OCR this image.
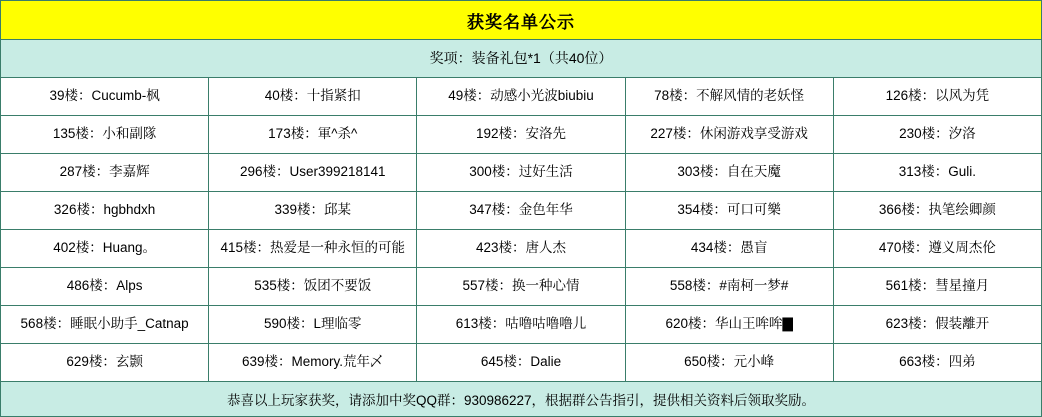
获奖名单公示
奖项：装备礼包*1（共40位）
39楼：Cucumb-枫	40楼：十指紧扣	49楼：动感小光波biubiu	78楼：不解风情的老妖怪	126楼：以风为凭

135楼：小和副隊	173楼：軍^杀^	192楼：安洛先	227楼：休闲游戏享受游戏	230楼：汐洛

287楼：李嘉辉	296楼：User399218141	300楼：过好生活	303楼：自在天魔	313楼：Guli.

326楼：hgbhdxh	339楼：邱某	347楼：金色年华	354楼：可口可樂	366楼：执笔绘卿颜

402楼：Huang。	415楼：热爱是一种永恒的可能	423楼：唐人杰	434楼：愚盲	470楼：遵义周杰伦

486楼：Alps	535楼：饭团不要饭	557楼：换一种心情	558楼：#南柯一梦#	561楼：彗星撞月

568楼：睡眠小助手_Catnap	590楼：L理临零	613楼：咕噜咕噜噜儿	620楼：华山王哞哞▇	623楼：假装離开

629楼：玄颢	639楼：Memory.荒年乄	645楼：Dalie	650楼：元小峰	663楼：四弟
恭喜以上玩家获奖，请添加中奖QQ群：930986227，根据群公告指引，提供相关资料后领取奖励。
